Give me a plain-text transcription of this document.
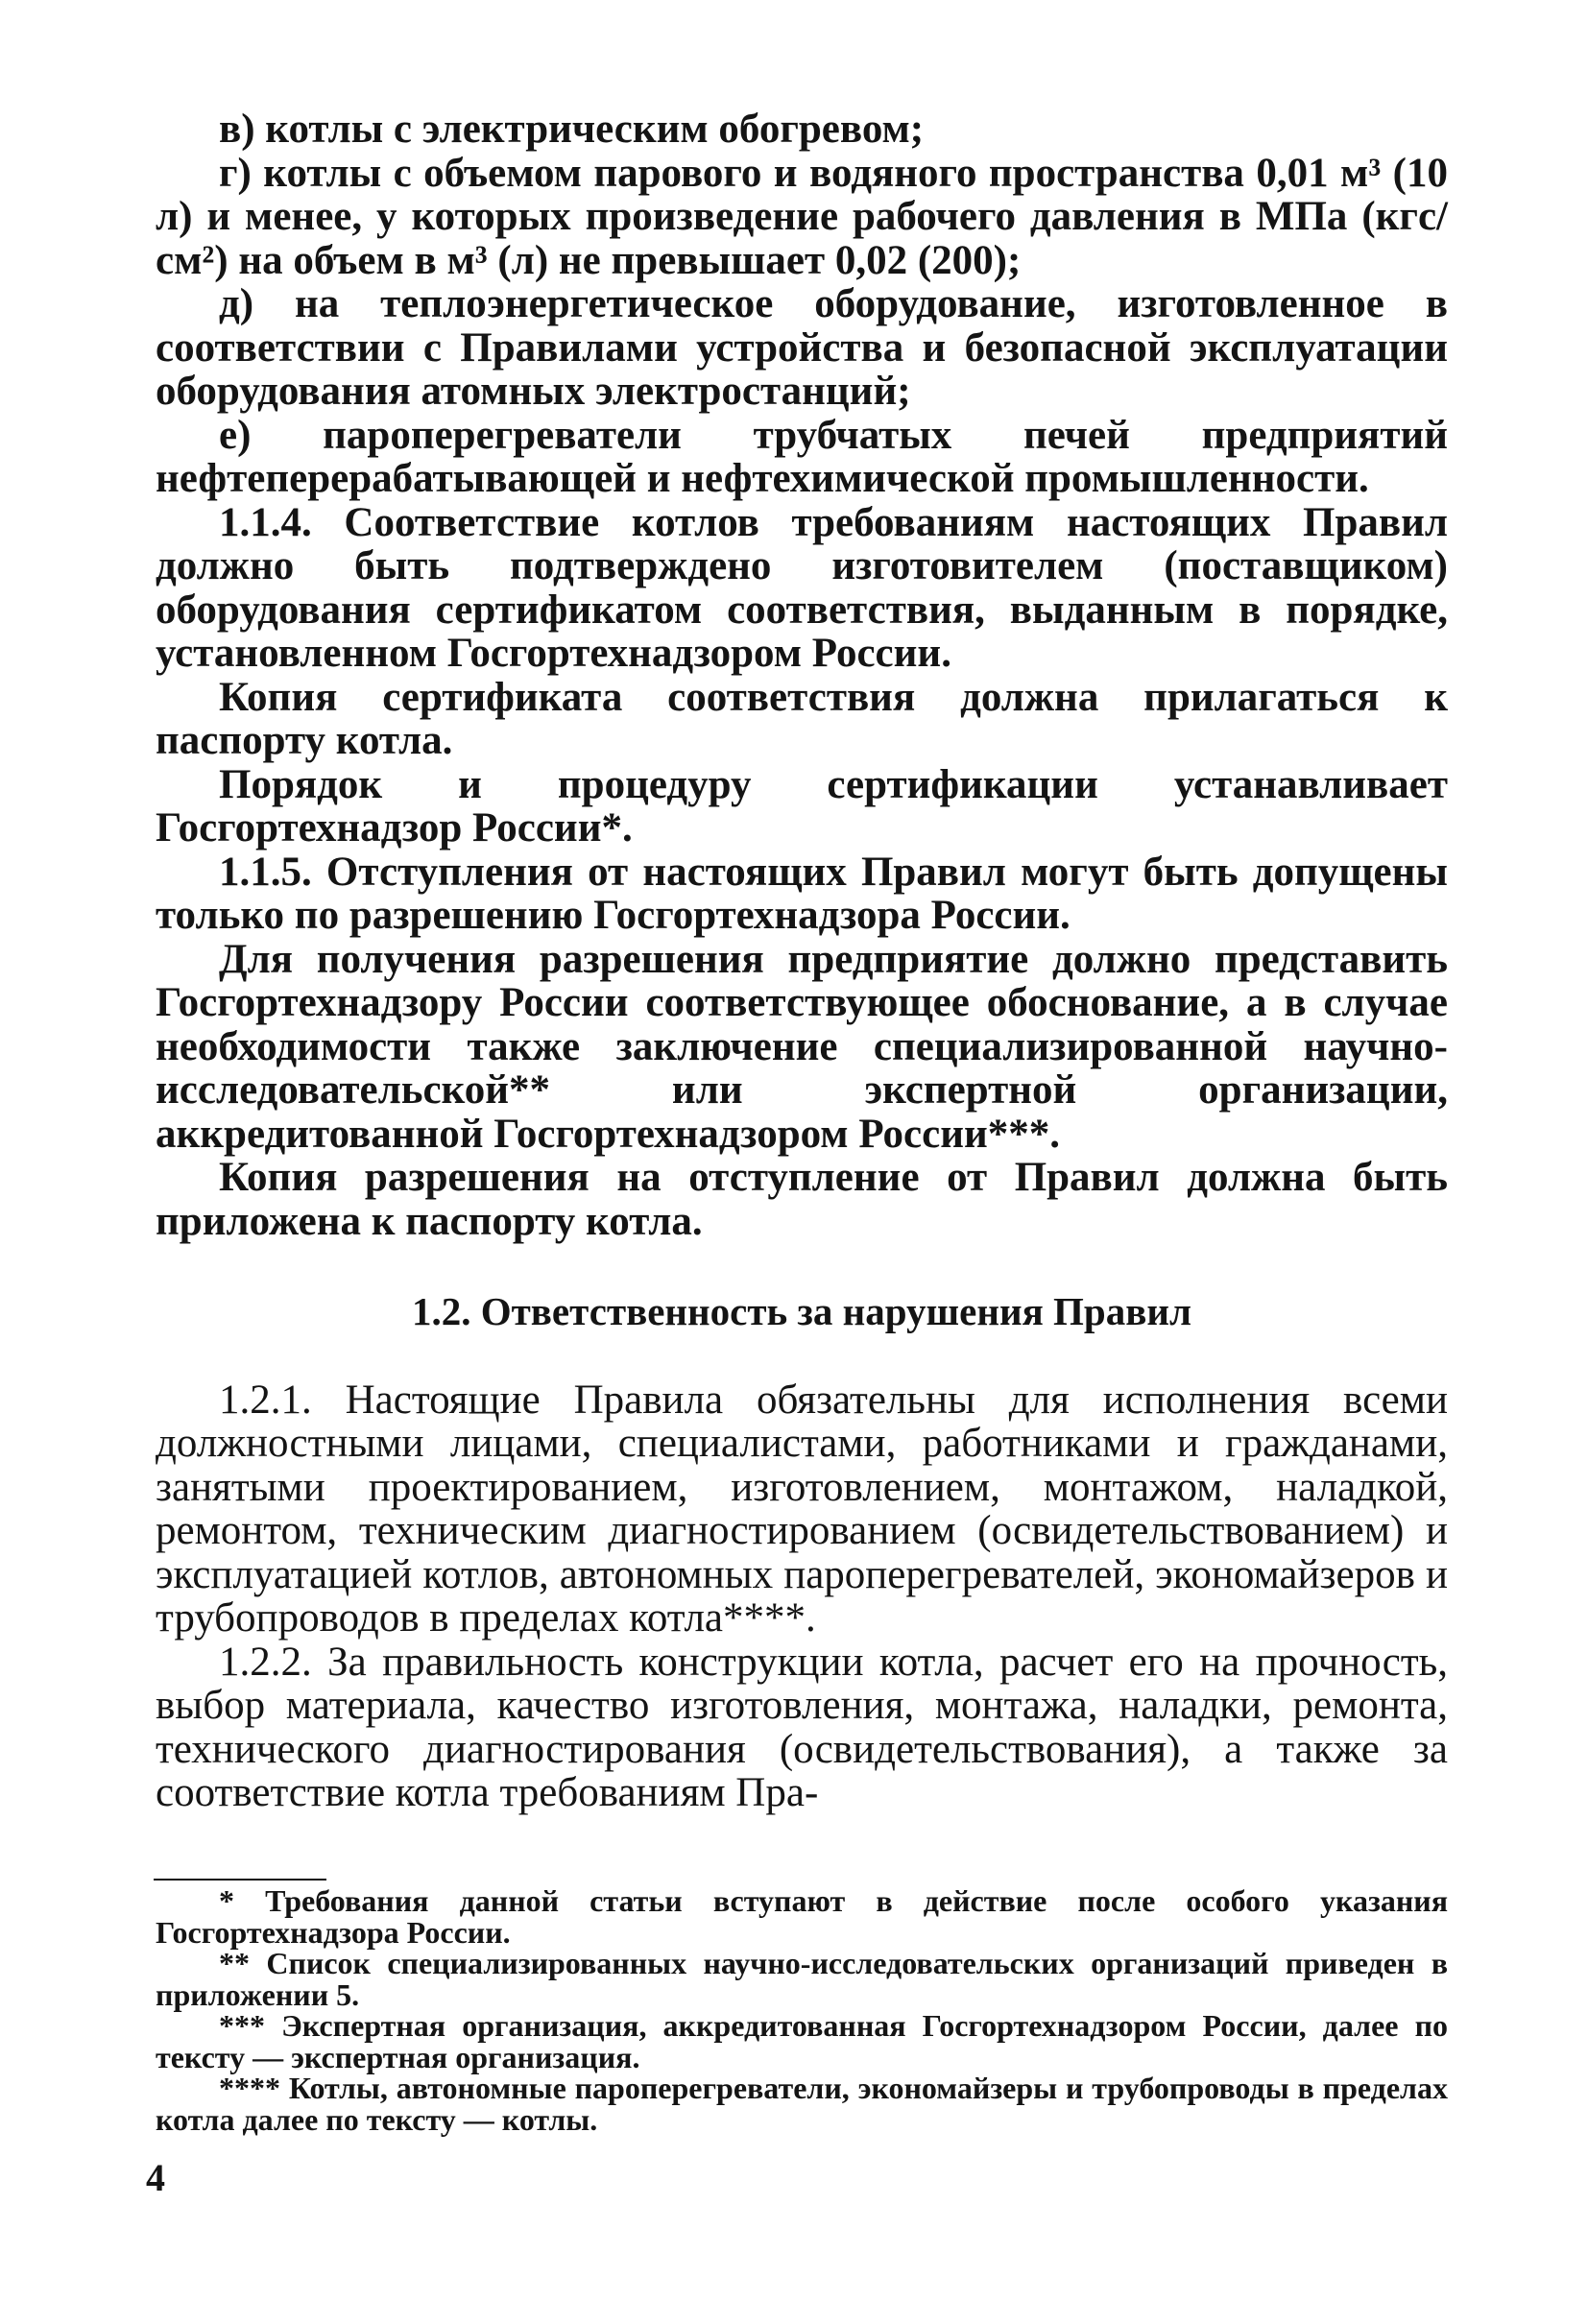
в) котлы с электрическим обогревом;

г) котлы с объемом парового и водяного пространства 0,01 м³ (10 л) и менее, у которых произведение рабочего давления в МПа (кгс/см²) на объем в м³ (л) не превышает 0,02 (200);

д) на теплоэнергетическое оборудование, изготовленное в соответствии с Правилами устройства и безопасной эксплуатации оборудования атомных электростанций;

е) пароперегреватели трубчатых печей предприятий нефтеперерабатывающей и нефтехимической промышленности.

1.1.4. Соответствие котлов требованиям настоящих Правил должно быть подтверждено изготовителем (поставщиком) оборудования сертификатом соответствия, выданным в порядке, установленном Госгортехнадзором России.

Копия сертификата соответствия должна прилагаться к паспорту котла.

Порядок и процедуру сертификации устанавливает Госгортехнадзор России*.

1.1.5. Отступления от настоящих Правил могут быть допущены только по разрешению Госгортехнадзора России.

Для получения разрешения предприятие должно представить Госгортехнадзору России соответствующее обоснование, а в случае необходимости также заключение специализированной научно-исследовательской** или экспертной организации, аккредитованной Госгортехнадзором России***.

Копия разрешения на отступление от Правил должна быть приложена к паспорту котла.

1.2. Ответственность за нарушения Правил

1.2.1. Настоящие Правила обязательны для исполнения всеми должностными лицами, специалистами, работниками и гражданами, занятыми проектированием, изготовлением, монтажом, наладкой, ремонтом, техническим диагностированием (освидетельствованием) и эксплуатацией котлов, автономных пароперегревателей, экономайзеров и трубопроводов в пределах котла****.

1.2.2. За правильность конструкции котла, расчет его на прочность, выбор материала, качество изготовления, монтажа, наладки, ремонта, технического диагностирования (освидетельствования), а также за соответствие котла требованиям Пра-

* Требования данной статьи вступают в действие после особого указания Госгортехнадзора России.

** Список специализированных научно-исследовательских организаций приведен в приложении 5.

*** Экспертная организация, аккредитованная Госгортехнадзором России, далее по тексту — экспертная организация.

**** Котлы, автономные пароперегреватели, экономайзеры и трубопроводы в пределах котла далее по тексту — котлы.

4
